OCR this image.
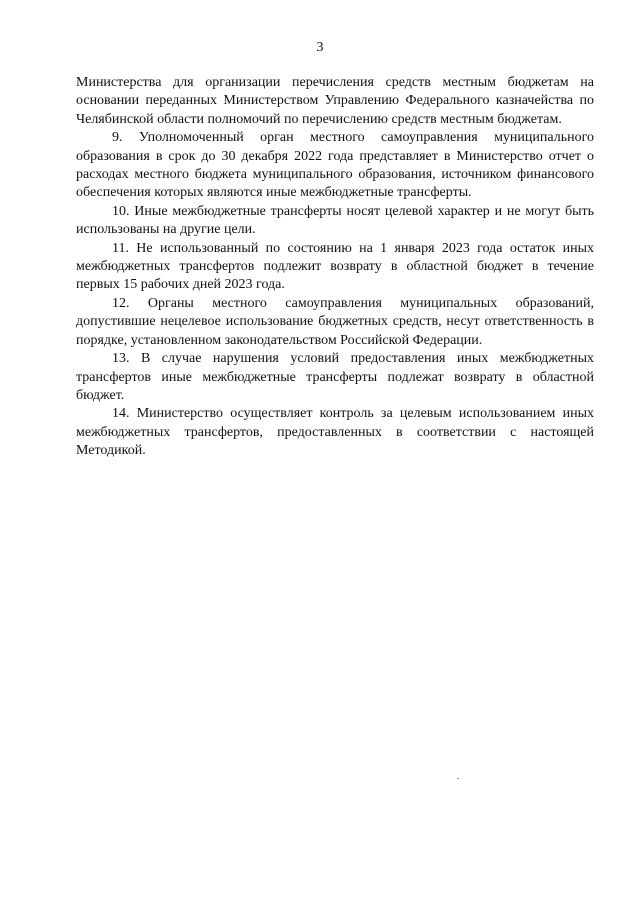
3

Министерства для организации перечисления средств местным бюджетам на основании переданных Министерством Управлению Федерального казначейства по Челябинской области полномочий по перечислению средств местным бюджетам.

9. Уполномоченный орган местного самоуправления муниципального образования в срок до 30 декабря 2022 года представляет в Министерство отчет о расходах местного бюджета муниципального образования, источником финансового обеспечения которых являются иные межбюджетные трансферты.

10. Иные межбюджетные трансферты носят целевой характер и не могут быть использованы на другие цели.

11. Не использованный по состоянию на 1 января 2023 года остаток иных межбюджетных трансфертов подлежит возврату в областной бюджет в течение первых 15 рабочих дней 2023 года.

12. Органы местного самоуправления муниципальных образований, допустившие нецелевое использование бюджетных средств, несут ответственность в порядке, установленном законодательством Российской Федерации.

13. В случае нарушения условий предоставления иных межбюджетных трансфертов иные межбюджетные трансферты подлежат возврату в областной бюджет.

14. Министерство осуществляет контроль за целевым использованием иных межбюджетных трансфертов, предоставленных в соответствии с настоящей Методикой.
